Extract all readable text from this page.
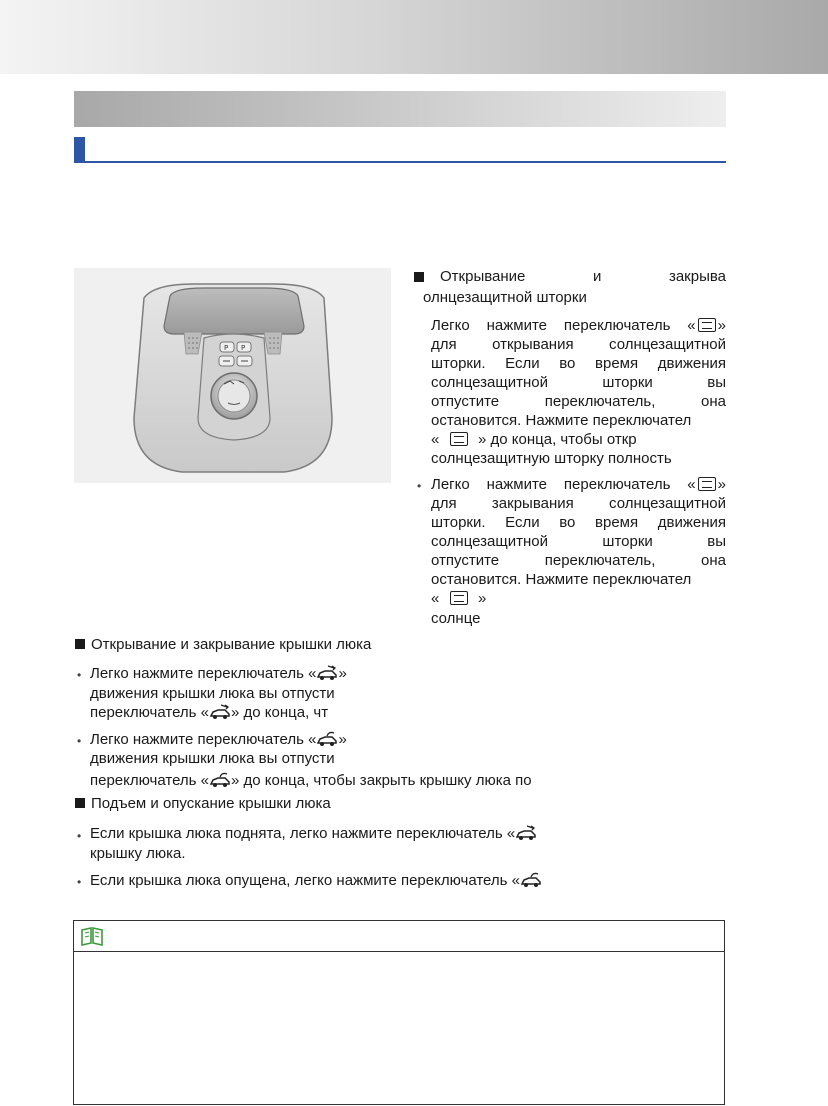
P P
Открывание	и	закрыва
олнцезащитной шторки
Легко нажмите переключатель « »
для открывания солнцезащитной
шторки. Если во время движения
солнцезащитной шторки вы
отпустите переключатель, она
остановится. Нажмите переключател
«	» до конца, чтобы откр
солнцезащитную шторку полность
• Легко нажмите переключатель « »
для закрывания солнцезащитной
шторки. Если во время движения
солнцезащитной шторки вы
отпустите переключатель, она
остановится. Нажмите переключател
«	»
солнце
Открывание и закрывание крышки люка
• Легко нажмите переключатель « »
движения крышки люка вы отпусти
переключатель « » до конца, чт
• Легко нажмите переключатель « »
движения крышки люка вы отпусти
переключатель « » до конца, чтобы закрыть крышку люка по
Подъем и опускание крышки люка
• Если крышка люка поднята, легко нажмите переключатель «
крышку люка.
• Если крышка люка опущена, легко нажмите переключатель «
